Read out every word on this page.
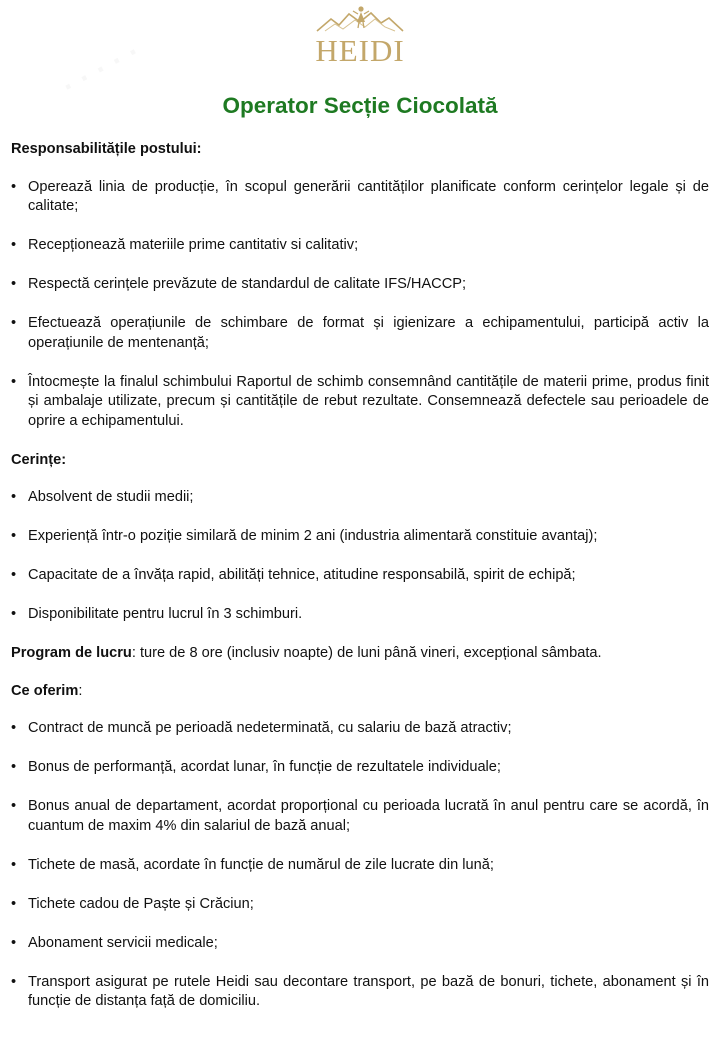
· · · · ·	HEIDI
Operator Secție Ciocolată
Responsabilitățile postului:
• Operează linia de producție, în scopul generării cantităților planificate conform cerințelor legale și de calitate;
• Recepționează materiile prime cantitativ si calitativ;
• Respectă cerințele prevăzute de standardul de calitate IFS/HACCP;
• Efectuează operațiunile de schimbare de format și igienizare a echipamentului, participă activ la operațiunile de mentenanță;
• Întocmește la finalul schimbului Raportul de schimb consemnând cantitățile de materii prime, produs finit și ambalaje utilizate, precum și cantitățile de rebut rezultate. Consemnează defectele sau perioadele de oprire a echipamentului.
Cerințe:
• Absolvent de studii medii;
• Experiență într-o poziție similară de minim 2 ani (industria alimentară constituie avantaj);
• Capacitate de a învăța rapid, abilități tehnice, atitudine responsabilă, spirit de echipă;
• Disponibilitate pentru lucrul în 3 schimburi.
Program de lucru: ture de 8 ore (inclusiv noapte) de luni până vineri, excepțional sâmbata.
Ce oferim:
• Contract de muncă pe perioadă nedeterminată, cu salariu de bază atractiv;
• Bonus de performanță, acordat lunar, în funcție de rezultatele individuale;
• Bonus anual de departament, acordat proporțional cu perioada lucrată în anul pentru care se acordă, în cuantum de maxim 4% din salariul de bază anual;
• Tichete de masă, acordate în funcție de numărul de zile lucrate din lună;
• Tichete cadou de Paște și Crăciun;
• Abonament servicii medicale;
• Transport asigurat pe rutele Heidi sau decontare transport, pe bază de bonuri, tichete, abonament și în funcție de distanța față de domiciliu.
